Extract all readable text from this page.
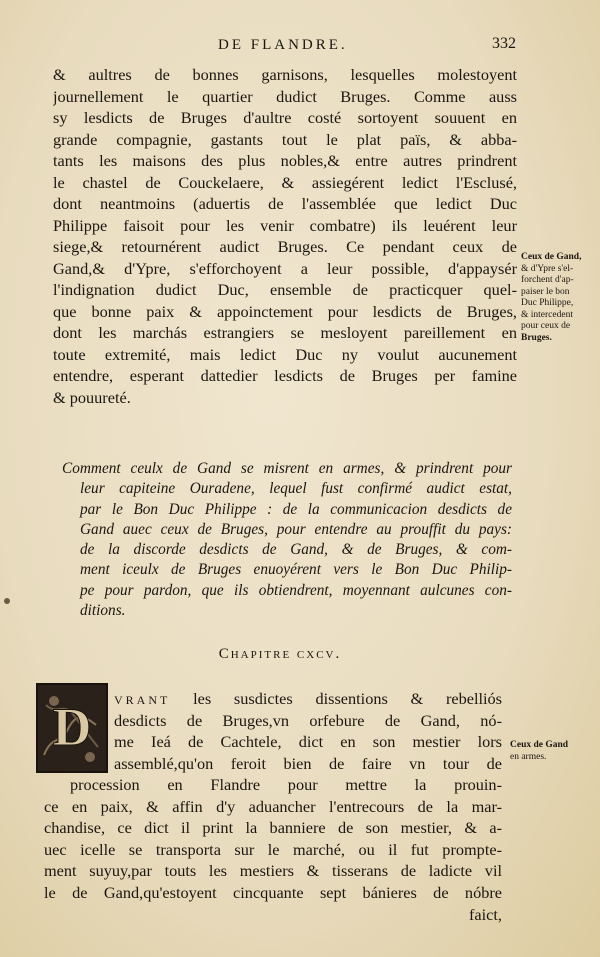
DE FLANDRE.	332
& aultres de bonnes garnisons, lesquelles molestoyent
journellement le quartier dudict Bruges. Comme auss
sy lesdicts de Bruges d'aultre costé sortoyent souuent en
grande compagnie, gastants tout le plat païs, & abba-
tants les maisons des plus nobles,& entre autres prindrent
le chastel de Couckelaere, & assiegérent ledict l'Esclusé,
dont neantmoins (aduertis de l'assemblée que ledict Duc
Philippe faisoit pour les venir combatre) ils leuérent leur
siege,& retournérent audict Bruges. Ce pendant ceux de
Gand,& d'Ypre, s'efforchoyent a leur possible, d'appaysér
l'indignation dudict Duc, ensemble de practicquer quel-
que bonne paix & appoinctement pour lesdicts de Bruges,
dont les marchás estrangiers se mesloyent pareillement en
toute extremité, mais ledict Duc ny voulut aucunement
entendre, esperant dattedier lesdicts de Bruges per famine
& pouureté.
Ceux de Gand,
& d'Ypre s'el-
forchent d'ap-
paiser le bon
Duc Philippe,
& intercedent
pour ceux de
Bruges.
Comment ceulx de Gand se misrent en armes, & prindrent pour
leur capiteine Ouradene, lequel fust confirmé audict estat,
par le Bon Duc Philippe : de la communicacion desdicts de
Gand auec ceux de Bruges, pour entendre au prouffit du pays:
de la discorde desdicts de Gand, & de Bruges, & com-
ment iceulx de Bruges enuoyérent vers le Bon Duc Philip-
pe pour pardon, que ils obtiendrent, moyennant aulcunes con-
ditions.
Chapitre cxcv.
D VRANT les susdictes dissentions & rebelliós
desdicts de Bruges,vn orfebure de Gand, nó-
me Ieá de Cachtele, dict en son mestier lors
assemblé,qu'on feroit bien de faire vn tour de
procession en Flandre pour mettre la prouin-
ce en paix, & affin d'y aduancher l'entrecours de la mar-
chandise, ce dict il print la banniere de son mestier, & a-
uec icelle se transporta sur le marché, ou il fut prompte-
ment suyuy,par touts les mestiers & tisserans de ladicte vil
le de Gand,qu'estoyent cincquante sept bánieres de nóbre
faict,
Ceux de Gand
en armes.
